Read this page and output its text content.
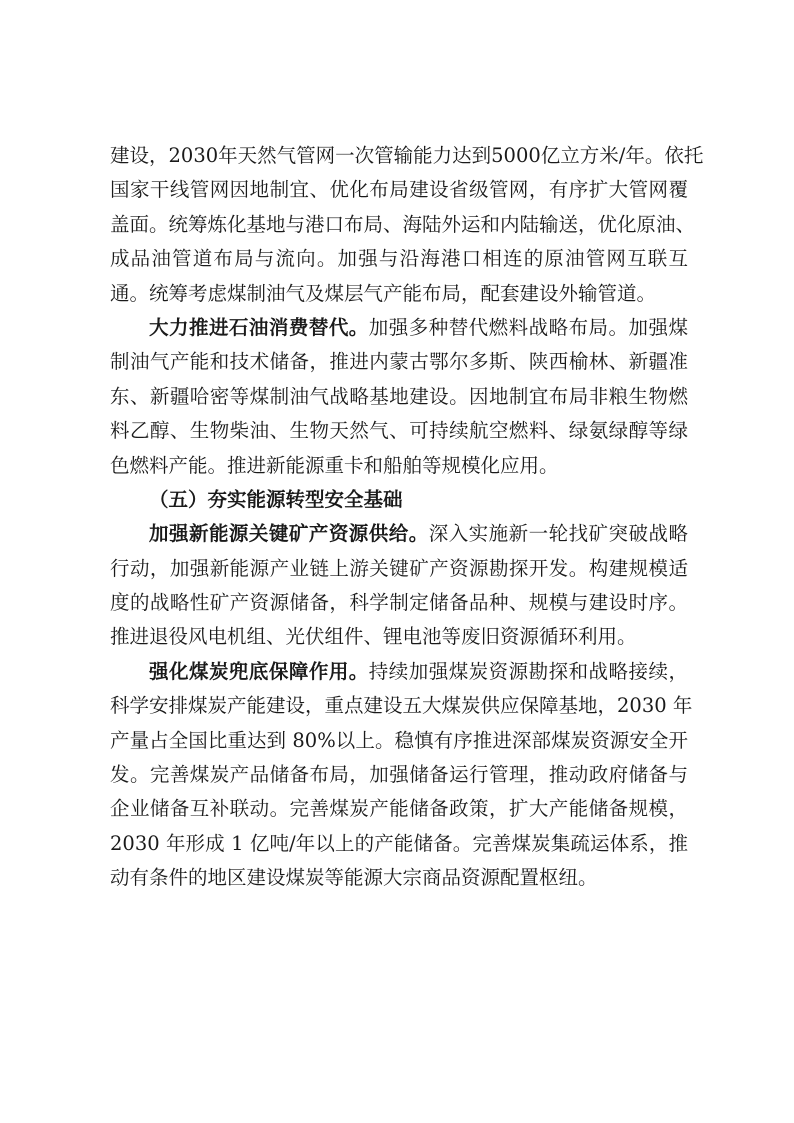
建设，2030年天然气管网一次管输能力达到5000亿立方米/年。依托
国家干线管网因地制宜、优化布局建设省级管网，有序扩大管网覆
盖面。统筹炼化基地与港口布局、海陆外运和内陆输送，优化原油、
成品油管道布局与流向。加强与沿海港口相连的原油管网互联互
通。统筹考虑煤制油气及煤层气产能布局，配套建设外输管道。
大力推进石油消费替代。加强多种替代燃料战略布局。加强煤
制油气产能和技术储备，推进内蒙古鄂尔多斯、陕西榆林、新疆准
东、新疆哈密等煤制油气战略基地建设。因地制宜布局非粮生物燃
料乙醇、生物柴油、生物天然气、可持续航空燃料、绿氨绿醇等绿
色燃料产能。推进新能源重卡和船舶等规模化应用。
（五）夯实能源转型安全基础
加强新能源关键矿产资源供给。深入实施新一轮找矿突破战略
行动，加强新能源产业链上游关键矿产资源勘探开发。构建规模适
度的战略性矿产资源储备，科学制定储备品种、规模与建设时序。
推进退役风电机组、光伏组件、锂电池等废旧资源循环利用。
强化煤炭兜底保障作用。持续加强煤炭资源勘探和战略接续，
科学安排煤炭产能建设，重点建设五大煤炭供应保障基地，2030 年
产量占全国比重达到 80%以上。稳慎有序推进深部煤炭资源安全开
发。完善煤炭产品储备布局，加强储备运行管理，推动政府储备与
企业储备互补联动。完善煤炭产能储备政策，扩大产能储备规模，
2030 年形成 1 亿吨/年以上的产能储备。完善煤炭集疏运体系，推
动有条件的地区建设煤炭等能源大宗商品资源配置枢纽。
